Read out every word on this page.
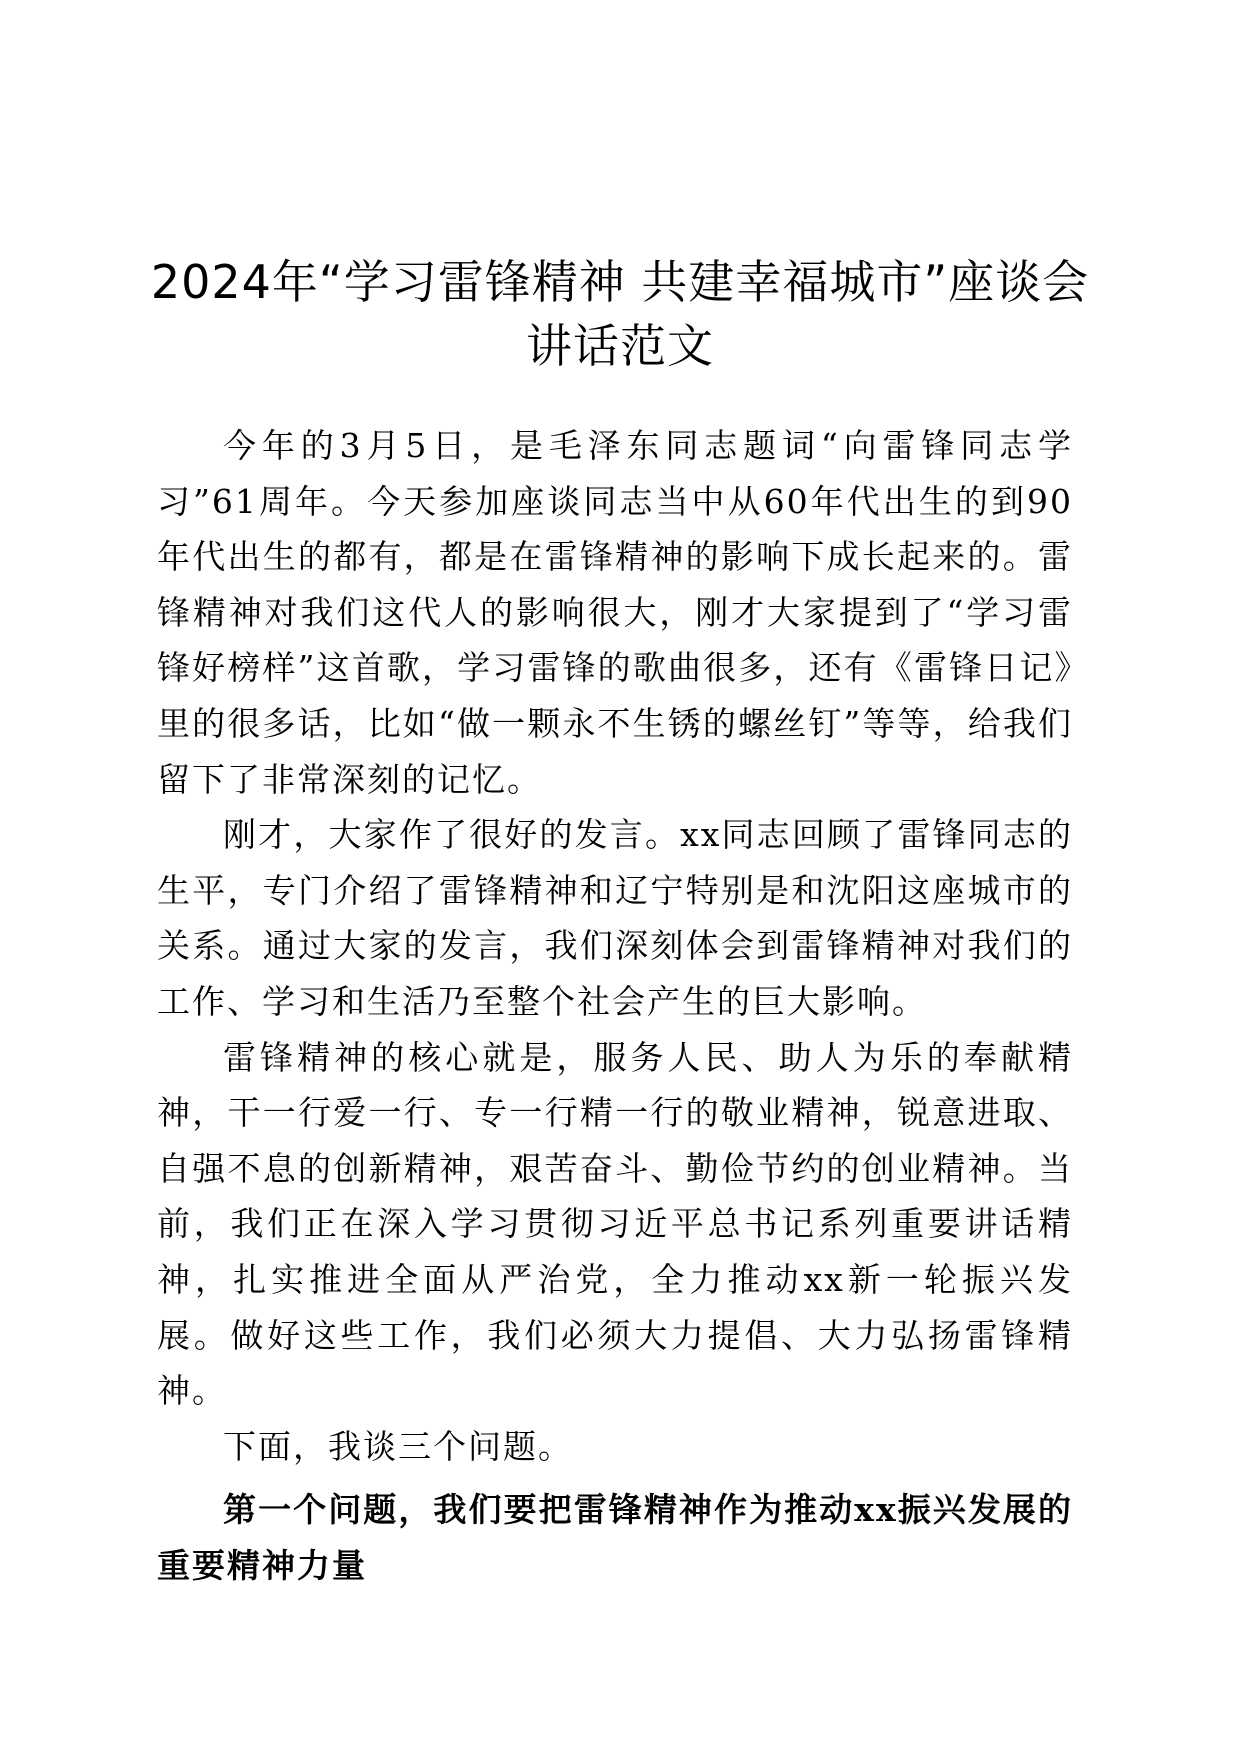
2024年“学习雷锋精神 共建幸福城市”座谈会讲话范文

今年的3月5日，是毛泽东同志题词“向雷锋同志学习”61周年。今天参加座谈同志当中从60年代出生的到90年代出生的都有，都是在雷锋精神的影响下成长起来的。雷锋精神对我们这代人的影响很大，刚才大家提到了“学习雷锋好榜样”这首歌，学习雷锋的歌曲很多，还有《雷锋日记》里的很多话，比如“做一颗永不生锈的螺丝钉”等等，给我们留下了非常深刻的记忆。

刚才，大家作了很好的发言。xx同志回顾了雷锋同志的生平，专门介绍了雷锋精神和辽宁特别是和沈阳这座城市的关系。通过大家的发言，我们深刻体会到雷锋精神对我们的工作、学习和生活乃至整个社会产生的巨大影响。

雷锋精神的核心就是，服务人民、助人为乐的奉献精神，干一行爱一行、专一行精一行的敬业精神，锐意进取、自强不息的创新精神，艰苦奋斗、勤俭节约的创业精神。当前，我们正在深入学习贯彻习近平总书记系列重要讲话精神，扎实推进全面从严治党，全力推动xx新一轮振兴发展。做好这些工作，我们必须大力提倡、大力弘扬雷锋精神。

下面，我谈三个问题。

第一个问题，我们要把雷锋精神作为推动xx振兴发展的重要精神力量
